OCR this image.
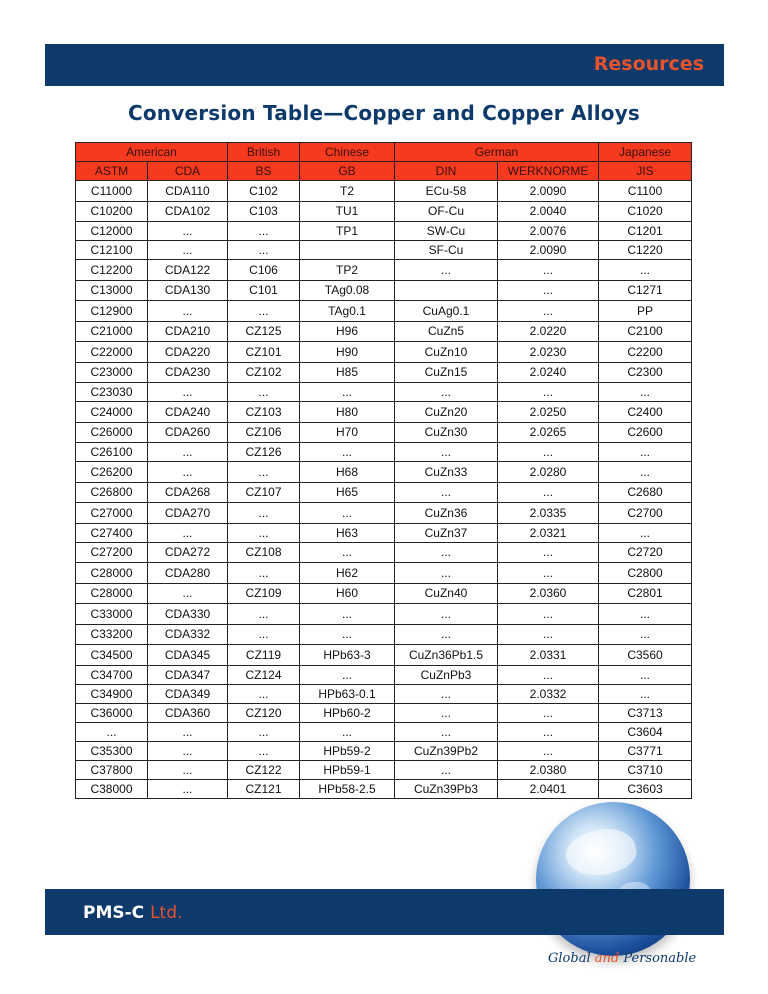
Resources
Conversion Table—Copper and Copper Alloys
American		British	Chinese	German		Japanese
ASTM	CDA	BS	GB	DIN	WERKNORME	JIS
C11000	CDA110	C102	T2	ECu-58	2.0090	C1100
C10200	CDA102	C103	TU1	OF-Cu	2.0040	C1020
C12000	...	...	TP1	SW-Cu	2.0076	C1201
C12100	...	...		SF-Cu	2.0090	C1220
C12200	CDA122	C106	TP2	...	...	...
C13000	CDA130	C101	TAg0.08		...	C1271
C12900	...	...	TAg0.1	CuAg0.1	...	PP
C21000	CDA210	CZ125	H96	CuZn5	2.0220	C2100
C22000	CDA220	CZ101	H90	CuZn10	2.0230	C2200
C23000	CDA230	CZ102	H85	CuZn15	2.0240	C2300
C23030	...	...	...	...	...	...
C24000	CDA240	CZ103	H80	CuZn20	2.0250	C2400
C26000	CDA260	CZ106	H70	CuZn30	2.0265	C2600
C26100	...	CZ126	...	...	...	...
C26200	...	...	H68	CuZn33	2.0280	...
C26800	CDA268	CZ107	H65	...	...	C2680
C27000	CDA270	...	...	CuZn36	2.0335	C2700
C27400	...	...	H63	CuZn37	2.0321	...
C27200	CDA272	CZ108	...	...	...	C2720
C28000	CDA280	...	H62	...	...	C2800
C28000	...	CZ109	H60	CuZn40	2.0360	C2801
C33000	CDA330	...	...	...	...	...
C33200	CDA332	...	...	...	...	...
C34500	CDA345	CZ119	HPb63-3	CuZn36Pb1.5	2.0331	C3560
C34700	CDA347	CZ124	...	CuZnPb3	...	...
C34900	CDA349	...	HPb63-0.1	...	2.0332	...
C36000	CDA360	CZ120	HPb60-2	...	...	C3713
...	...	...	...	...	...	C3604
C35300	...	...	HPb59-2	CuZn39Pb2	...	C3771
C37800	...	CZ122	HPb59-1	...	2.0380	C3710
C38000	...	CZ121	HPb58-2.5	CuZn39Pb3	2.0401	C3603
PMS-C Ltd.
Global and Personable
